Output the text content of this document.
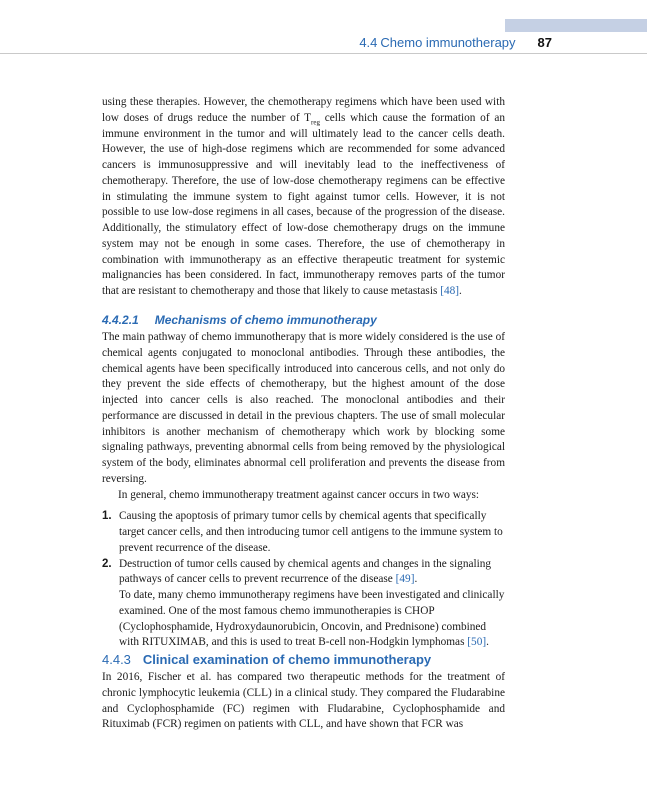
4.4 Chemo immunotherapy 87

using these therapies. However, the chemotherapy regimens which have been used with low doses of drugs reduce the number of $T_{reg}$ cells which cause the formation of an immune environment in the tumor and will ultimately lead to the cancer cells death. However, the use of high-dose regimens which are recommended for some advanced cancers is immunosuppressive and will inevitably lead to the ineffectiveness of chemotherapy. Therefore, the use of low-dose chemotherapy regimens can be effective in stimulating the immune system to fight against tumor cells. However, it is not possible to use low-dose regimens in all cases, because of the progression of the disease. Additionally, the stimulatory effect of low-dose chemotherapy drugs on the immune system may not be enough in some cases. Therefore, the use of chemotherapy in combination with immunotherapy as an effective therapeutic treatment for systemic malignancies has been considered. In fact, immunotherapy removes parts of the tumor that are resistant to chemotherapy and those that likely to cause metastasis [48].

4.4.2.1 Mechanisms of chemo immunotherapy

The main pathway of chemo immunotherapy that is more widely considered is the use of chemical agents conjugated to monoclonal antibodies. Through these antibodies, the chemical agents have been specifically introduced into cancerous cells, and not only do they prevent the side effects of chemotherapy, but the highest amount of the dose injected into cancer cells is also reached. The monoclonal antibodies and their performance are discussed in detail in the previous chapters. The use of small molecular inhibitors is another mechanism of chemotherapy which work by blocking some signaling pathways, preventing abnormal cells from being removed by the physiological system of the body, eliminates abnormal cell proliferation and prevents the disease from reversing.

In general, chemo immunotherapy treatment against cancer occurs in two ways:

1. Causing the apoptosis of primary tumor cells by chemical agents that specifically target cancer cells, and then introducing tumor cell antigens to the immune system to prevent recurrence of the disease.
2. Destruction of tumor cells caused by chemical agents and changes in the signaling pathways of cancer cells to prevent recurrence of the disease [49].
To date, many chemo immunotherapy regimens have been investigated and clinically examined. One of the most famous chemo immunotherapies is CHOP (Cyclophosphamide, Hydroxydaunorubicin, Oncovin, and Prednisone) combined with RITUXIMAB, and this is used to treat B-cell non-Hodgkin lymphomas [50].
4.4.3 Clinical examination of chemo immunotherapy

In 2016, Fischer et al. has compared two therapeutic methods for the treatment of chronic lymphocytic leukemia (CLL) in a clinical study. They compared the Fludarabine and Cyclophosphamide (FC) regimen with Fludarabine, Cyclophosphamide and Rituximab (FCR) regimen on patients with CLL, and have shown that FCR was
